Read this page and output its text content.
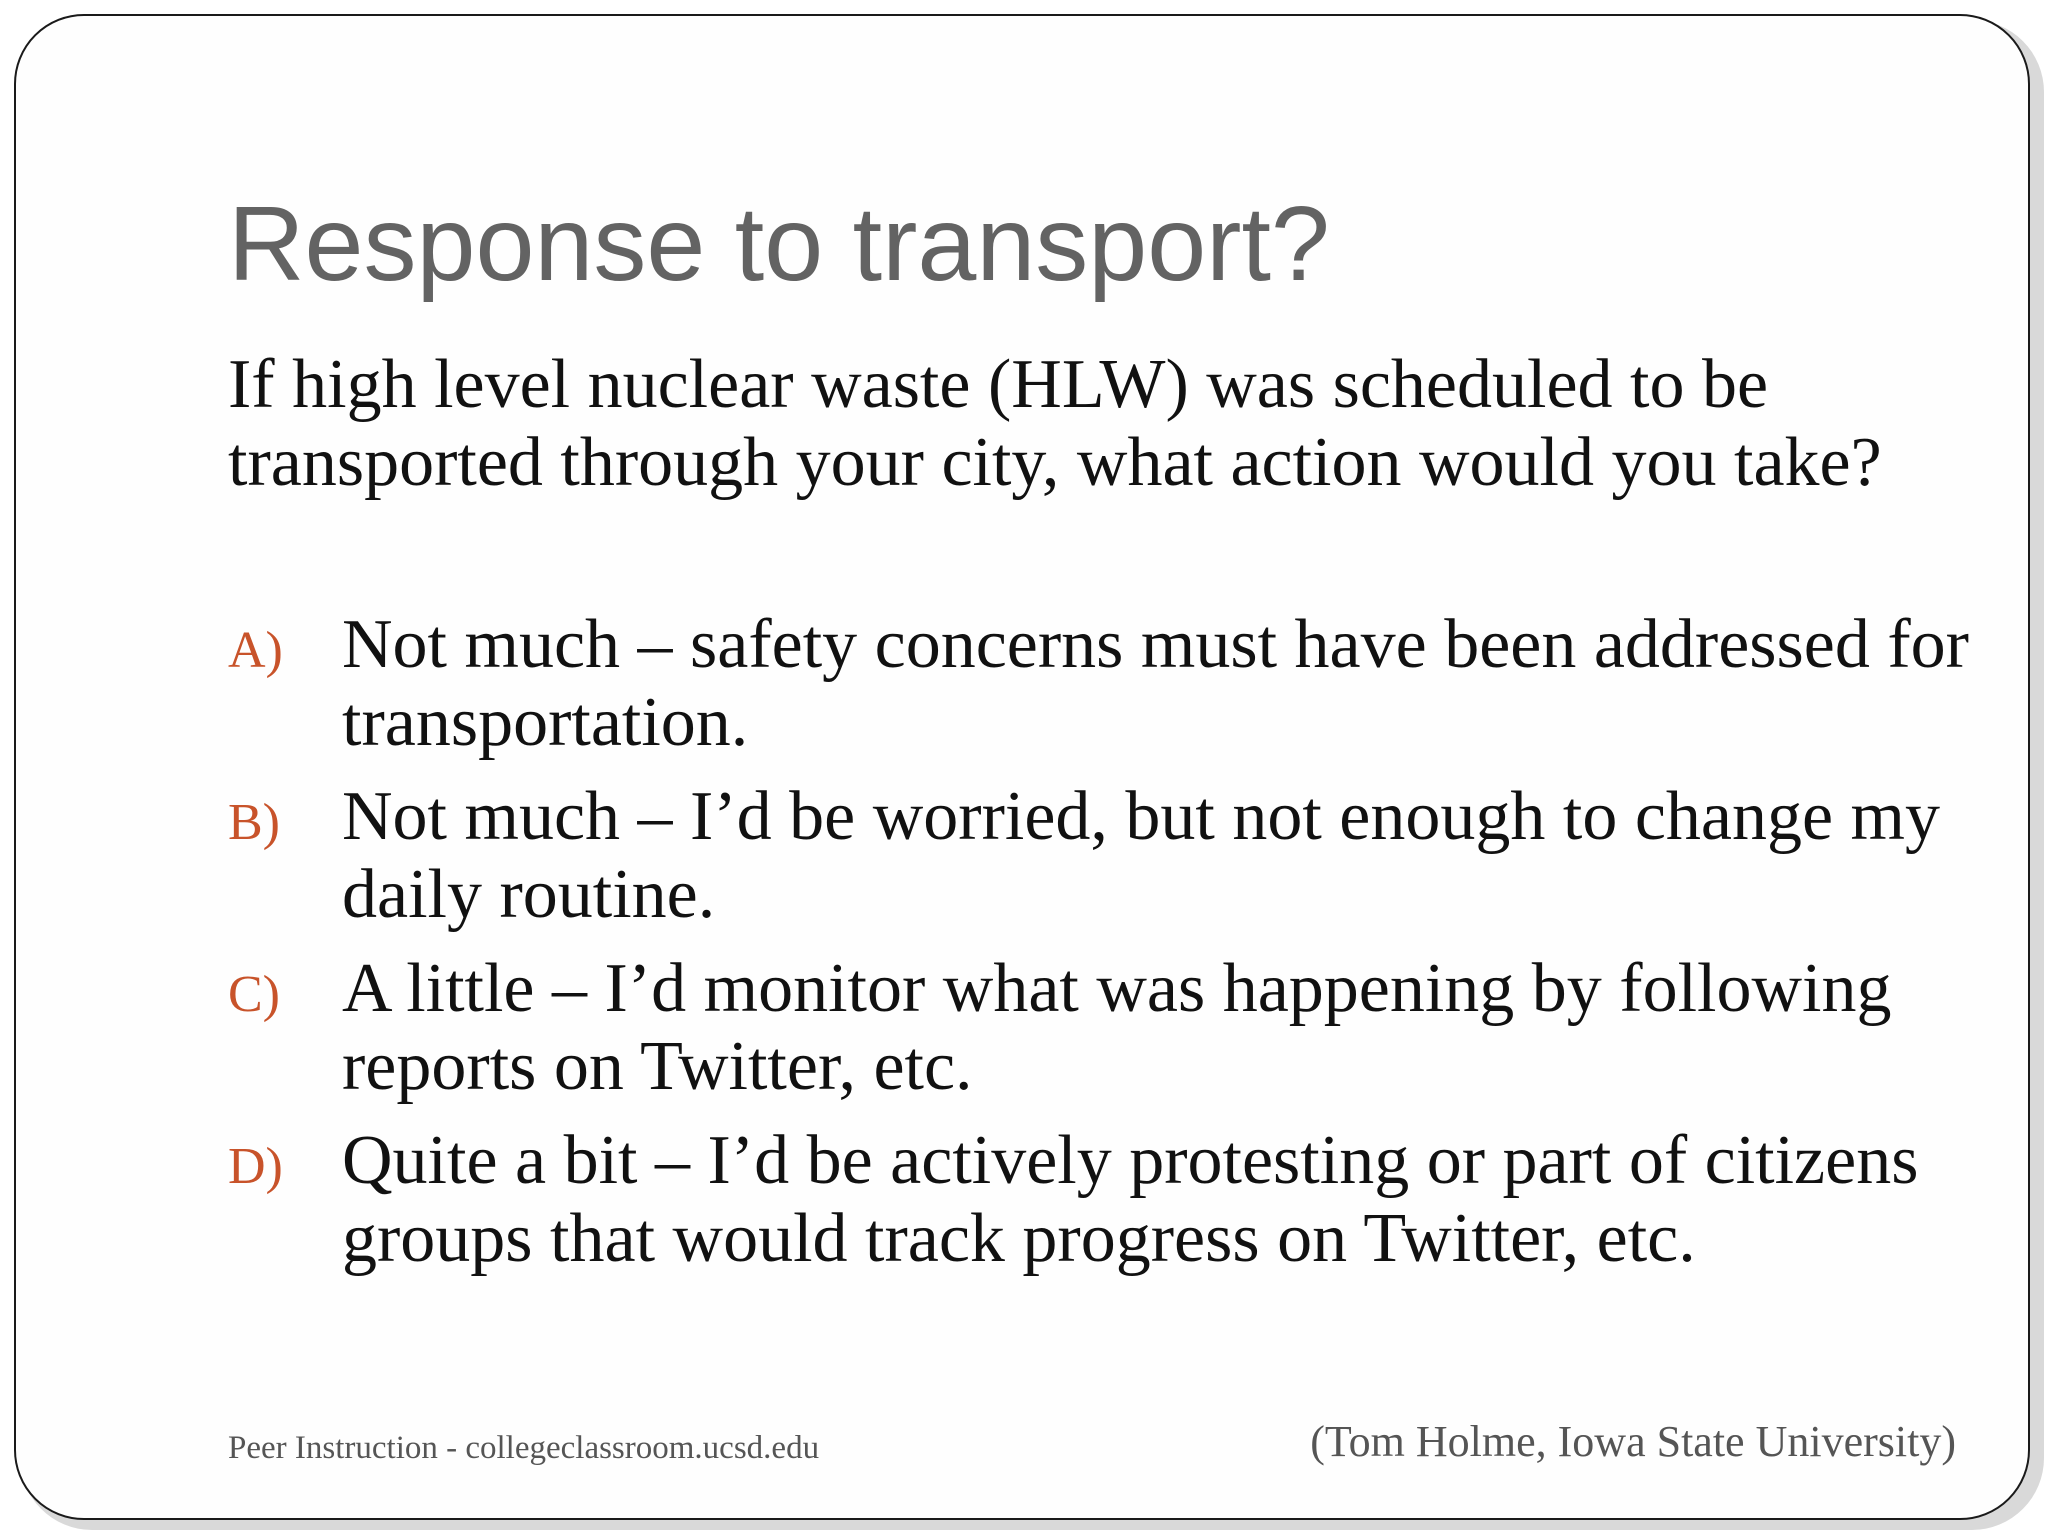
Response to transport?

If high level nuclear waste (HLW) was scheduled to be transported through your city, what action would you take?

A) Not much – safety concerns must have been addressed for transportation.
B) Not much – I’d be worried, but not enough to change my daily routine.
C) A little – I’d monitor what was happening by following reports on Twitter, etc.
D) Quite a bit – I’d be actively protesting or part of citizens groups that would track progress on Twitter, etc.
Peer Instruction - collegeclassroom.ucsd.edu	(Tom Holme, Iowa State University)
